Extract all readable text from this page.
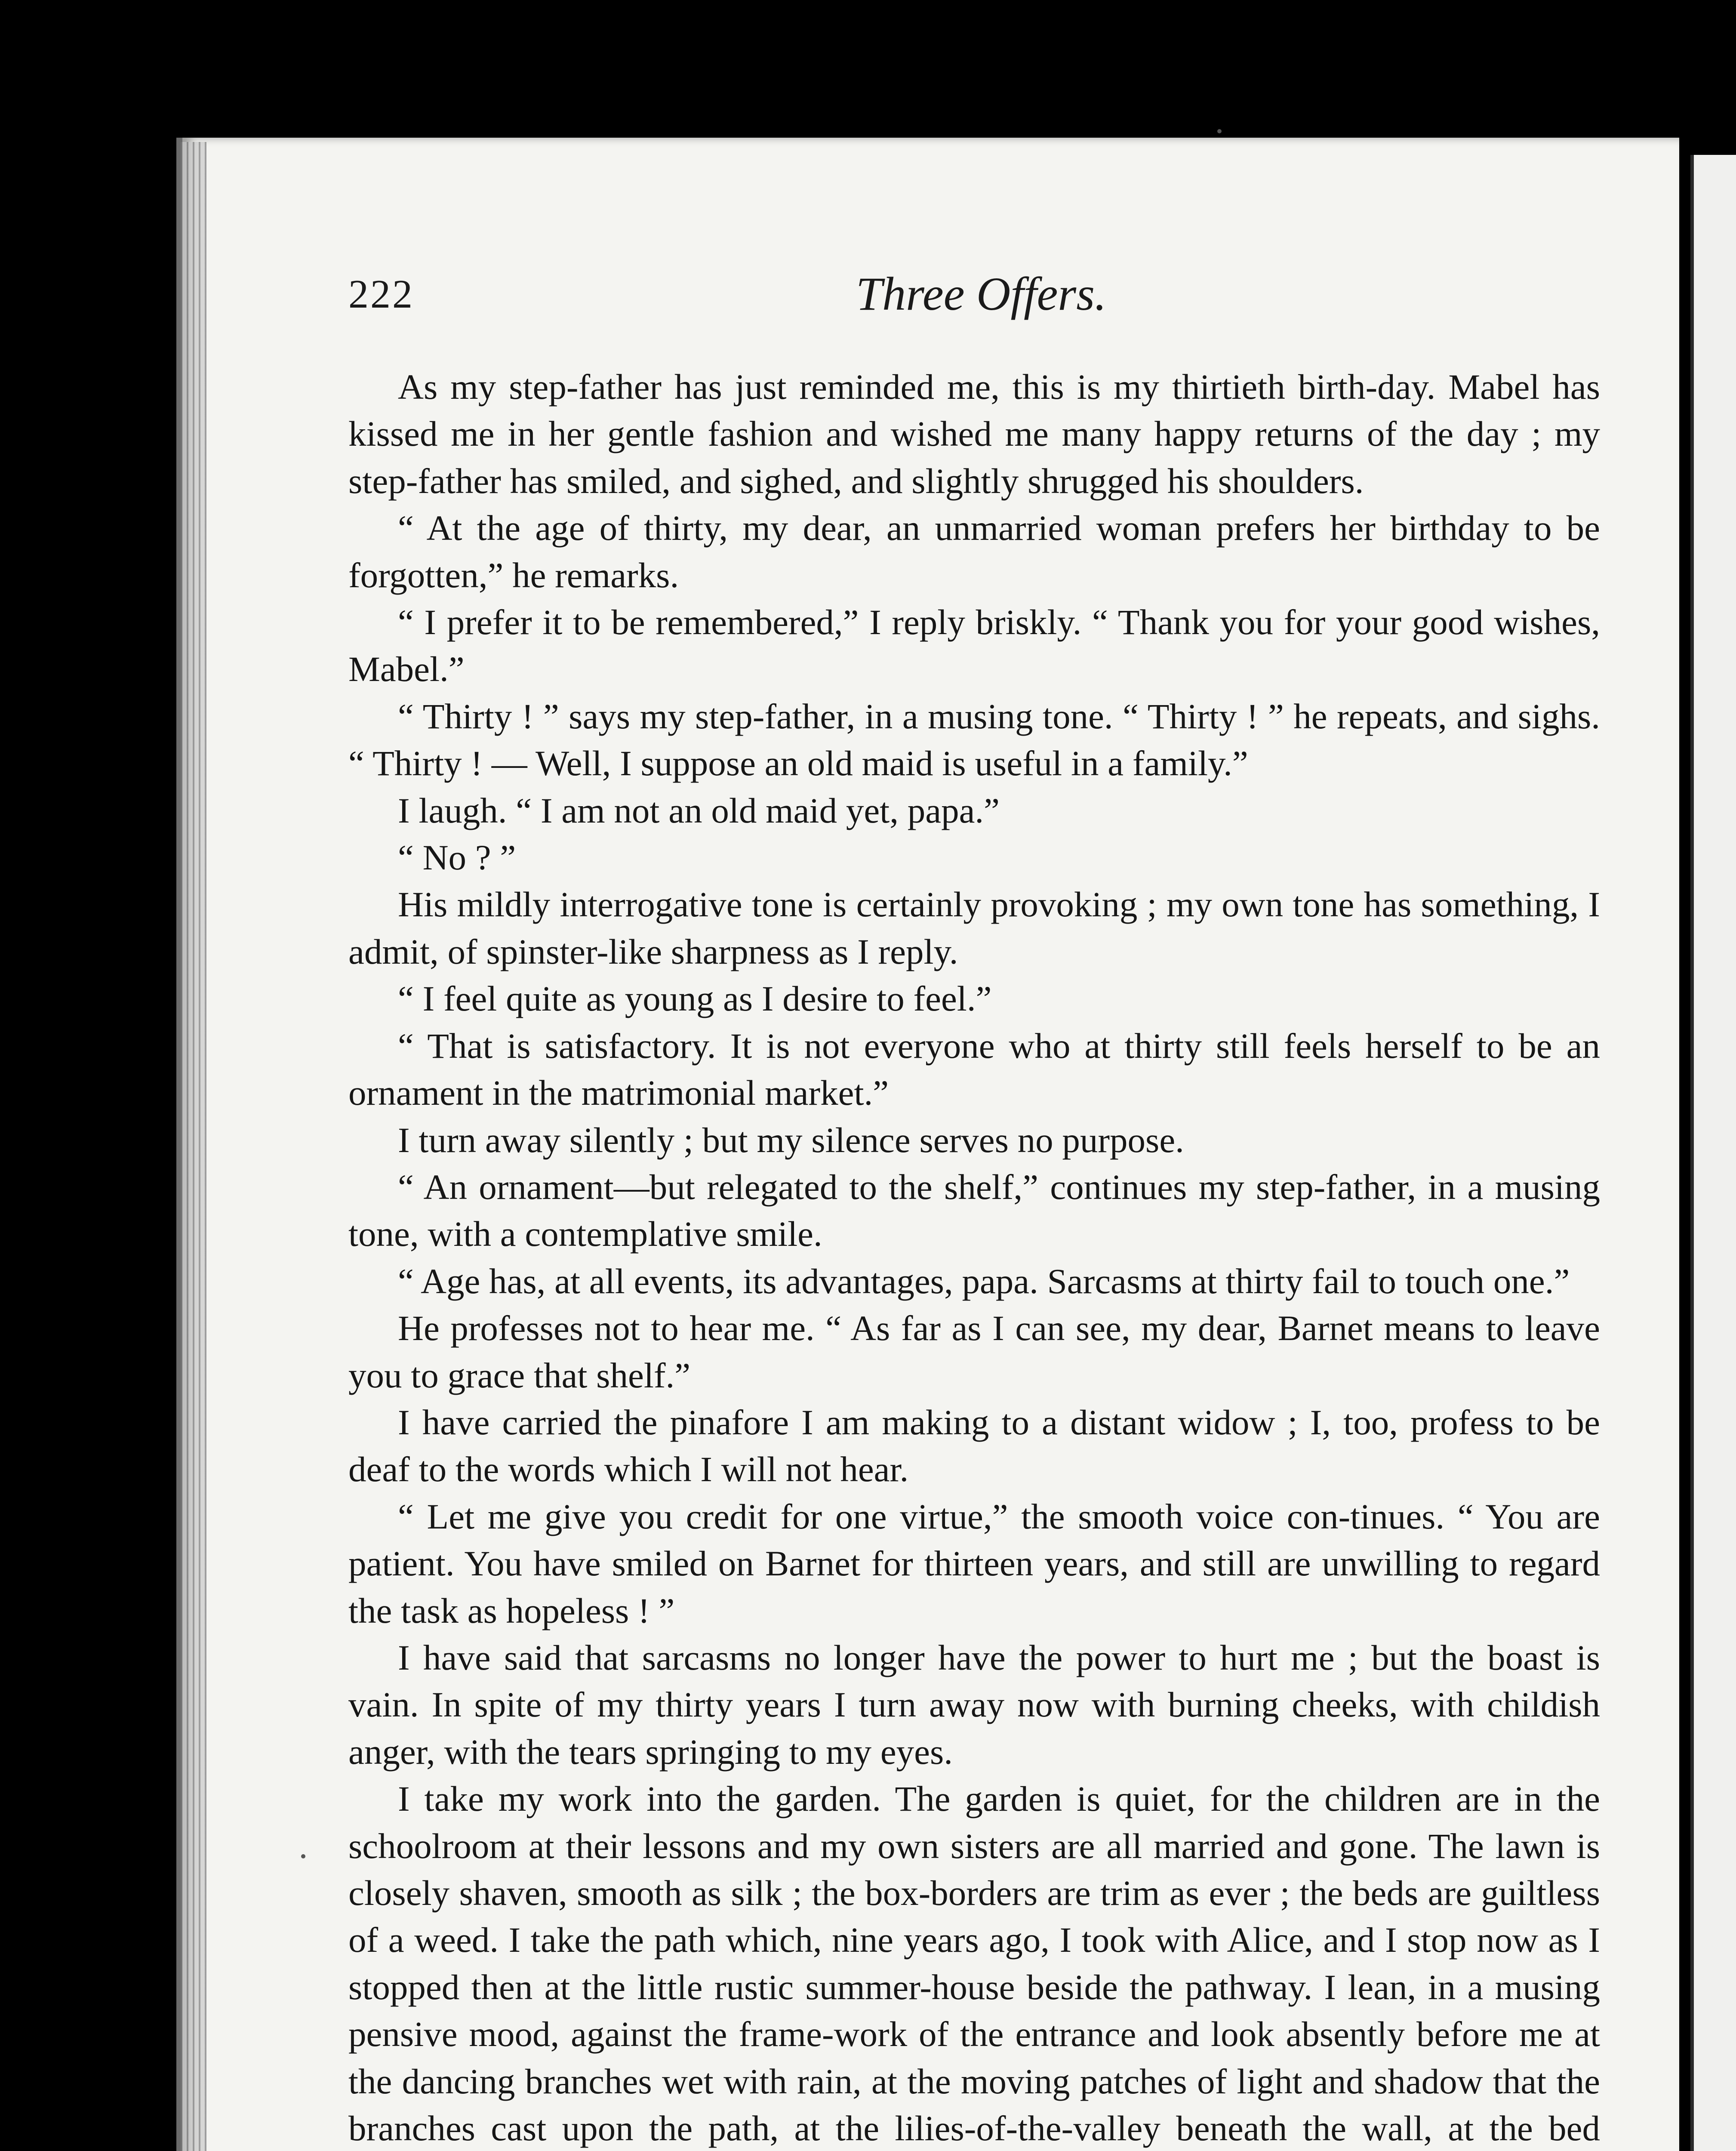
222	Three Offers.

As my step-father has just reminded me, this is my thirtieth birth-day. Mabel has kissed me in her gentle fashion and wished me many happy returns of the day ; my step-father has smiled, and sighed, and slightly shrugged his shoulders.

“ At the age of thirty, my dear, an unmarried woman prefers her birthday to be forgotten,” he remarks.

“ I prefer it to be remembered,” I reply briskly. “ Thank you for your good wishes, Mabel.”

“ Thirty ! ” says my step-father, in a musing tone. “ Thirty ! ” he repeats, and sighs. “ Thirty ! — Well, I suppose an old maid is useful in a family.”

I laugh. “ I am not an old maid yet, papa.”

“ No ? ”

His mildly interrogative tone is certainly provoking ; my own tone has something, I admit, of spinster-like sharpness as I reply.

“ I feel quite as young as I desire to feel.”

“ That is satisfactory. It is not everyone who at thirty still feels herself to be an ornament in the matrimonial market.”

I turn away silently ; but my silence serves no purpose.

“ An ornament—but relegated to the shelf,” continues my step-father, in a musing tone, with a contemplative smile.

“ Age has, at all events, its advantages, papa. Sarcasms at thirty fail to touch one.”

He professes not to hear me. “ As far as I can see, my dear, Barnet means to leave you to grace that shelf.”

I have carried the pinafore I am making to a distant widow ; I, too, profess to be deaf to the words which I will not hear.

“ Let me give you credit for one virtue,” the smooth voice con-tinues. “ You are patient. You have smiled on Barnet for thirteen years, and still are unwilling to regard the task as hopeless ! ”

I have said that sarcasms no longer have the power to hurt me ; but the boast is vain. In spite of my thirty years I turn away now with burning cheeks, with childish anger, with the tears springing to my eyes.

I take my work into the garden. The garden is quiet, for the children are in the schoolroom at their lessons and my own sisters are all married and gone. The lawn is closely shaven, smooth as silk ; the box-borders are trim as ever ; the beds are guiltless of a weed. I take the path which, nine years ago, I took with Alice, and I stop now as I stopped then at the little rustic summer-house beside the pathway. I lean, in a musing pensive mood, against the frame-work of the entrance and look absently before me at the dancing branches wet with rain, at the moving patches of light and shadow that the branches cast upon the path, at the lilies-of-the-valley beneath the wall, at the bed
